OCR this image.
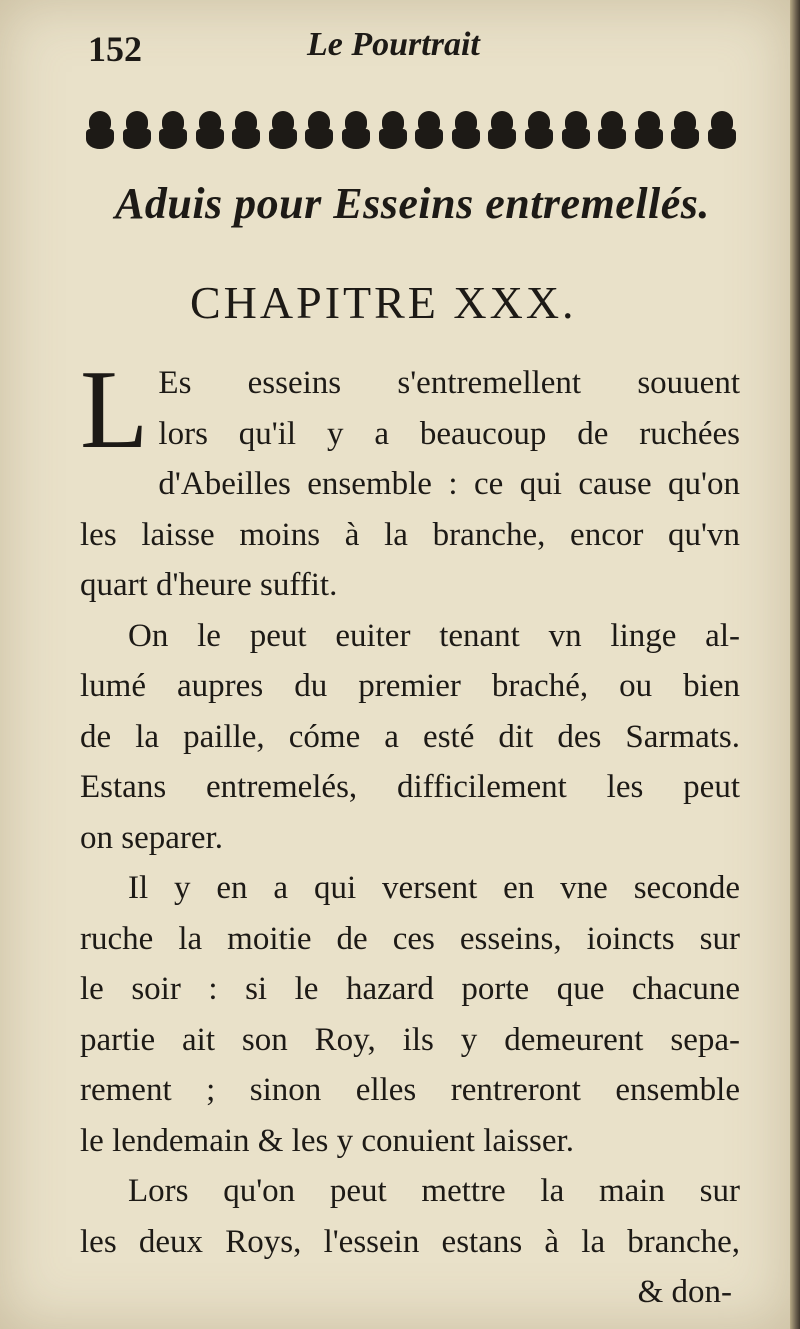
152	Le Pourtrait
Aduis pour Esseins entremellés.
CHAPITRE XXX.
L Es esseins s'entremellent souuent
lors qu'il y a beaucoup de ruchées
d'Abeilles ensemble : ce qui cause qu'on
les laisse moins à la branche, encor qu'vn
quart d'heure suffit.
On le peut euiter tenant vn linge al-
lumé aupres du premier braché, ou bien
de la paille, cóme a esté dit des Sarmats.
Estans entremelés, difficilement les peut
on separer.
Il y en a qui versent en vne seconde
ruche la moitie de ces esseins, ioincts sur
le soir : si le hazard porte que chacune
partie ait son Roy, ils y demeurent sepa-
rement ; sinon elles rentreront ensemble
le lendemain & les y conuient laisser.
Lors qu'on peut mettre la main sur
les deux Roys, l'essein estans à la branche,
& don-
